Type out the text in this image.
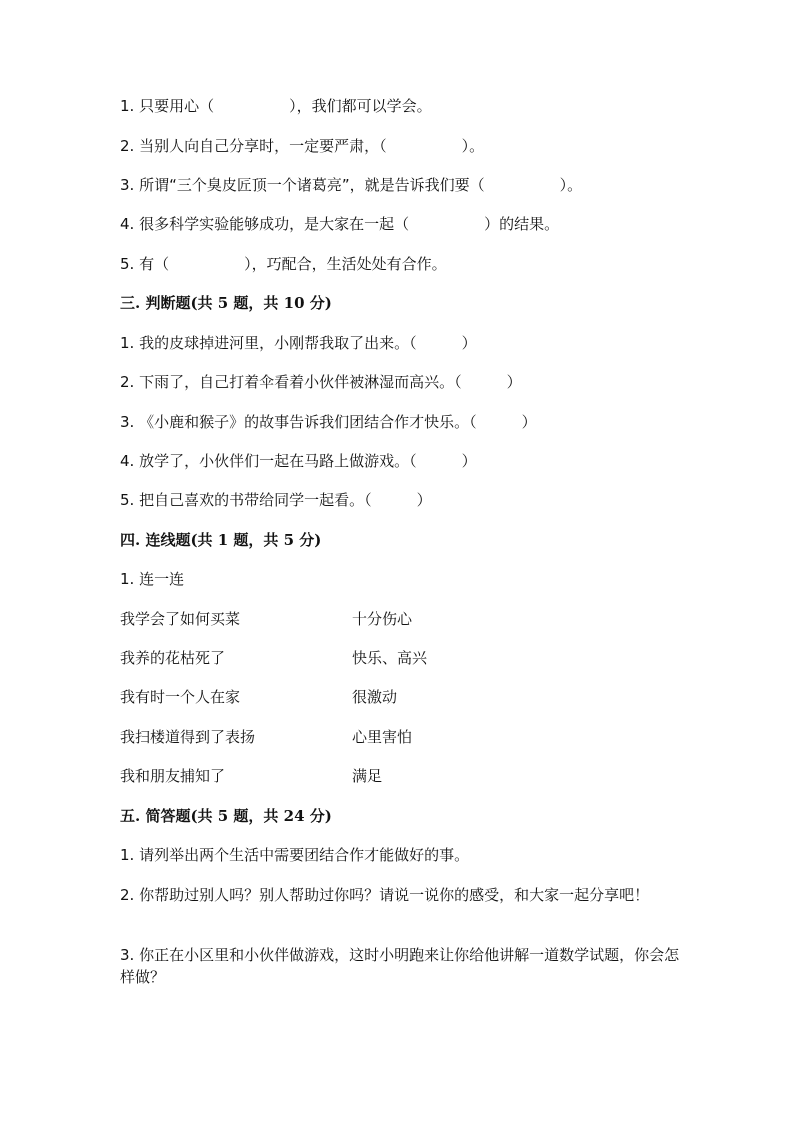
1. 只要用心（　　　　　），我们都可以学会。
2. 当别人向自己分享时，一定要严肃，（　　　　　）。
3. 所谓“三个臭皮匠顶一个诸葛亮”，就是告诉我们要（　　　　　）。
4. 很多科学实验能够成功，是大家在一起（　　　　　）的结果。
5. 有（　　　　　），巧配合，生活处处有合作。
三. 判断题(共 5 题，共 10 分)
1. 我的皮球掉进河里，小刚帮我取了出来。（　　　）
2. 下雨了，自己打着伞看着小伙伴被淋湿而高兴。（　　　）
3. 《小鹿和猴子》的故事告诉我们团结合作才快乐。（　　　）
4. 放学了，小伙伴们一起在马路上做游戏。（　　　）
5. 把自己喜欢的书带给同学一起看。（　　　）
四. 连线题(共 1 题，共 5 分)
1. 连一连
我学会了如何买菜	十分伤心
我养的花枯死了	快乐、高兴
我有时一个人在家	很激动
我扫楼道得到了表扬	心里害怕
我和朋友捕知了	满足
五. 简答题(共 5 题，共 24 分)
1. 请列举出两个生活中需要团结合作才能做好的事。
2. 你帮助过别人吗？别人帮助过你吗？请说一说你的感受，和大家一起分享吧！
3. 你正在小区里和小伙伴做游戏，这时小明跑来让你给他讲解一道数学试题，你会怎样做？
